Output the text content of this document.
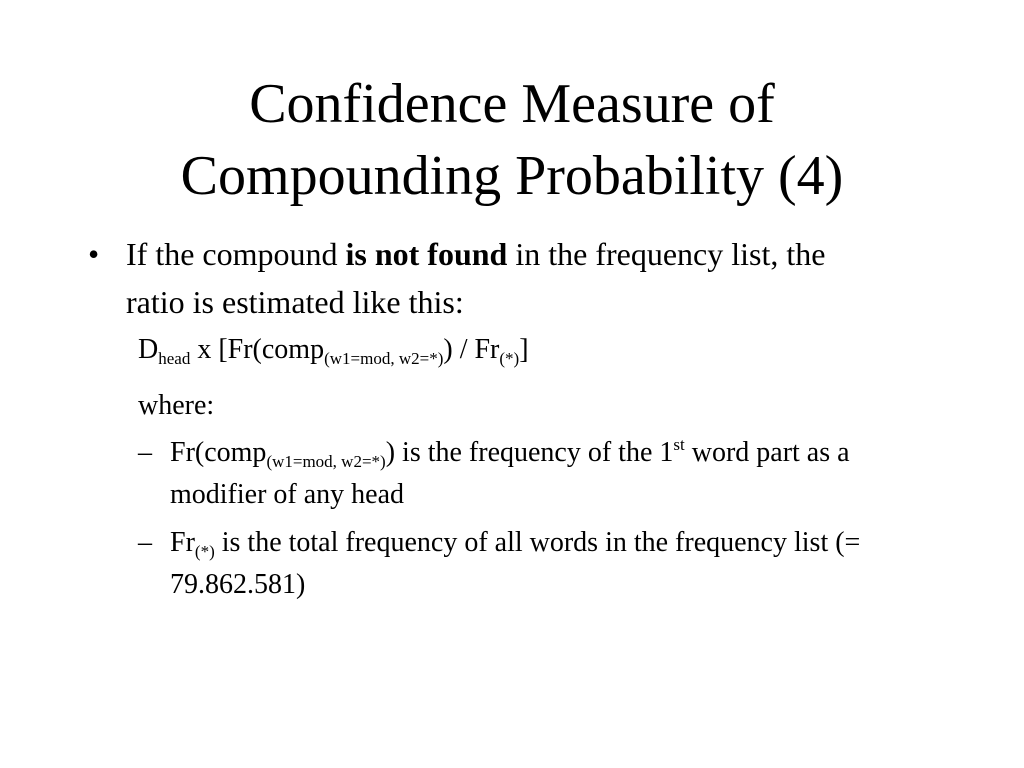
Confidence Measure of
Compounding Probability (4)
• If the compound is not found in the frequency list, the ratio is estimated like this:
$D_{head}$ x [Fr(comp$_{(w1=mod, w2=*)}$) / $Fr_{(*)}$]
where:
– Fr(comp$_{(w1=mod, w2=*)}$) is the frequency of the 1st word part as a modifier of any head
– $Fr_{(*)}$ is the total frequency of all words in the frequency list (= 79.862.581)
